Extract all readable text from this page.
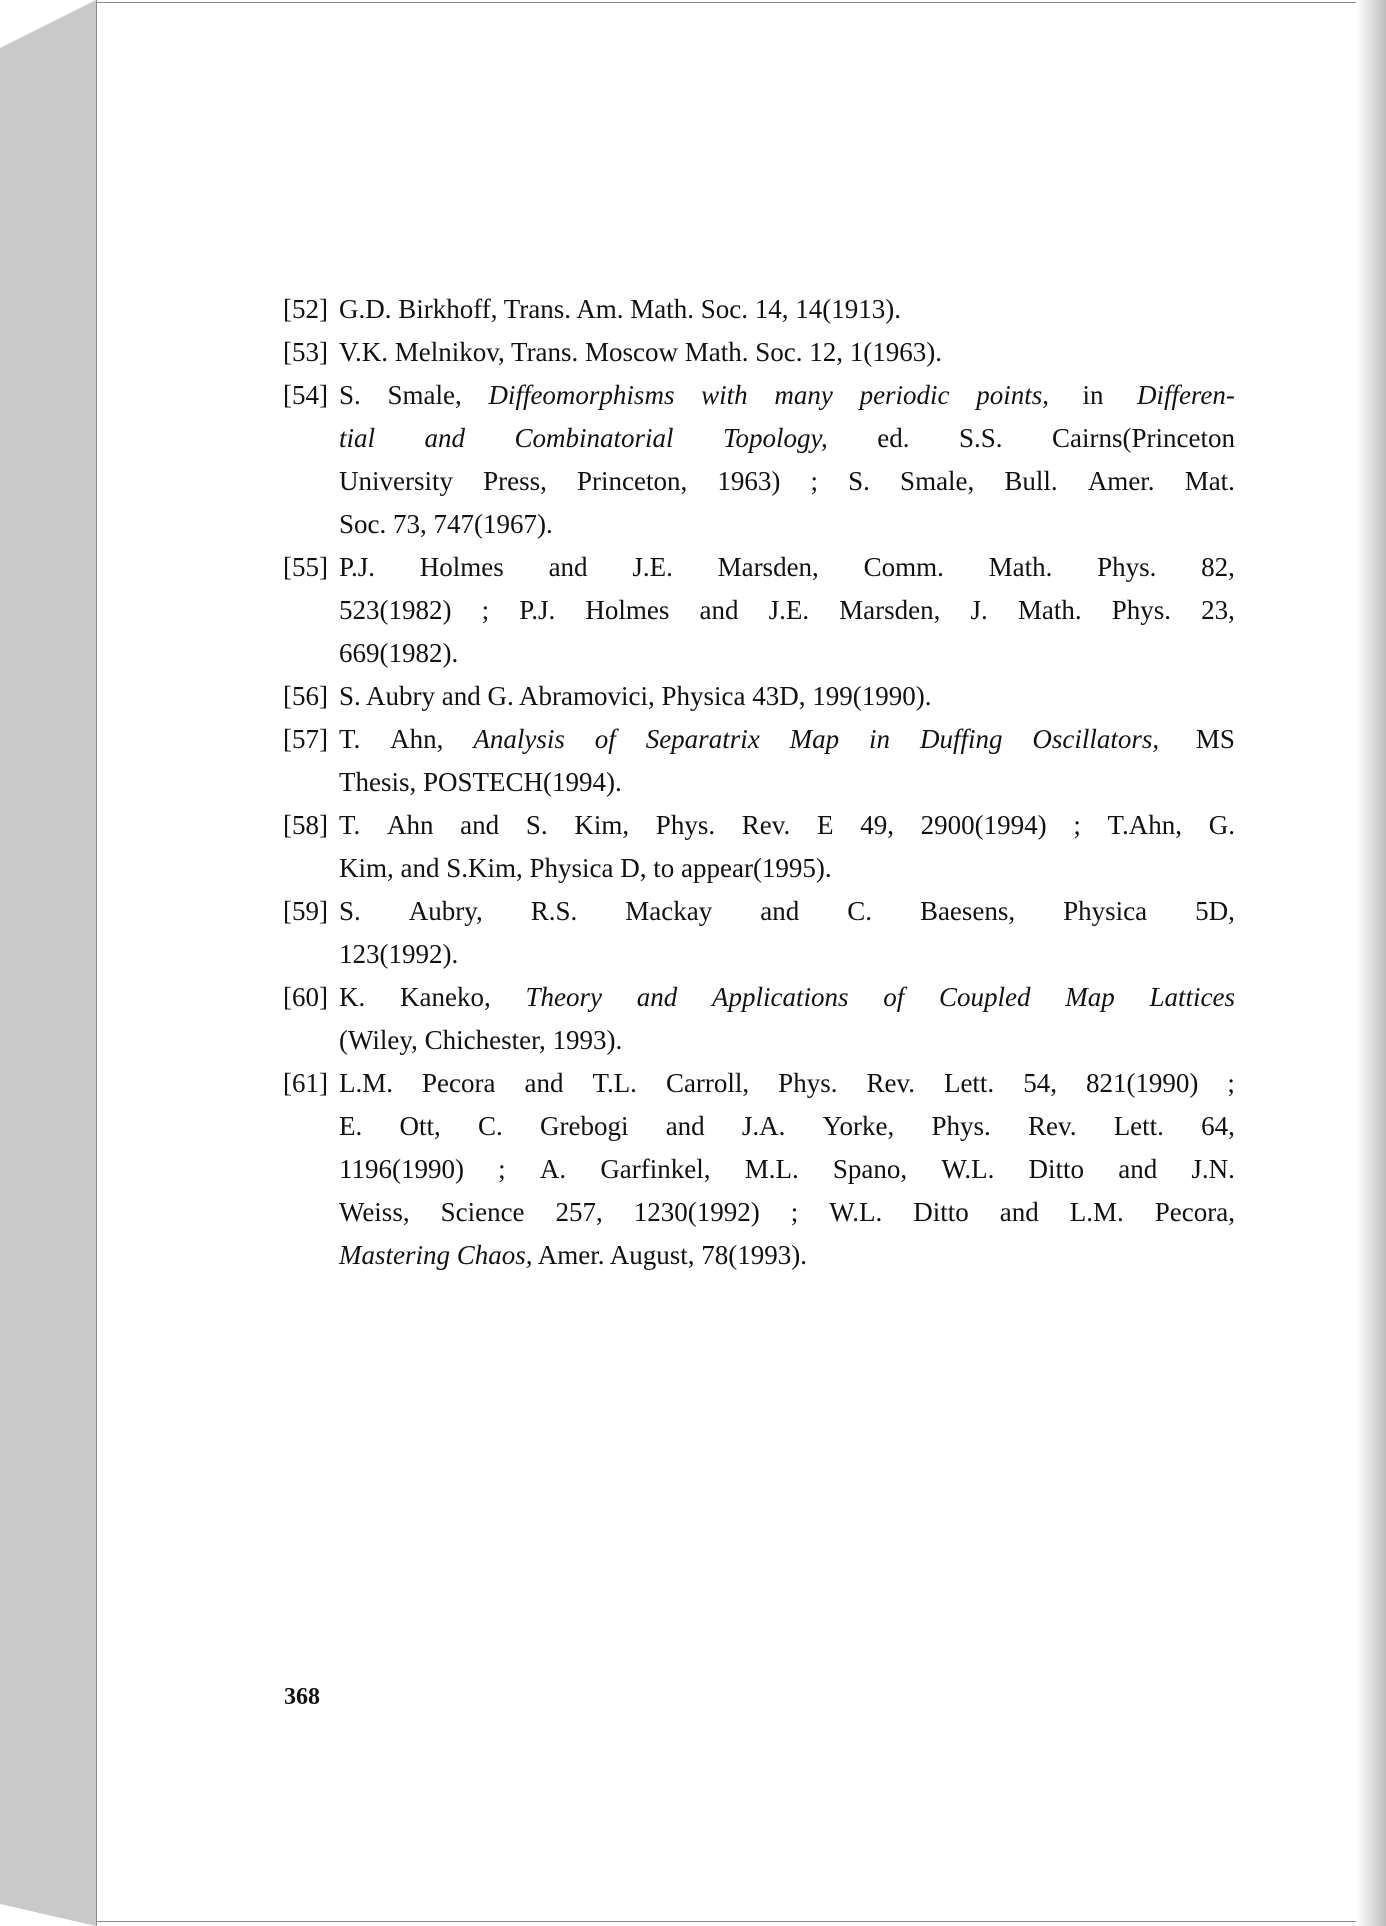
[52] G.D. Birkhoff, Trans. Am. Math. Soc. 14, 14(1913).
[53] V.K. Melnikov, Trans. Moscow Math. Soc. 12, 1(1963).
[54] S. Smale, Diffeomorphisms with many periodic points, in Differen-
tial and Combinatorial Topology, ed. S.S. Cairns(Princeton
University Press, Princeton, 1963) ; S. Smale, Bull. Amer. Mat.
Soc. 73, 747(1967).
[55] P.J. Holmes and J.E. Marsden, Comm. Math. Phys. 82,
523(1982) ; P.J. Holmes and J.E. Marsden, J. Math. Phys. 23,
669(1982).
[56] S. Aubry and G. Abramovici, Physica 43D, 199(1990).
[57] T. Ahn, Analysis of Separatrix Map in Duffing Oscillators, MS
Thesis, POSTECH(1994).
[58] T. Ahn and S. Kim, Phys. Rev. E 49, 2900(1994) ; T.Ahn, G.
Kim, and S.Kim, Physica D, to appear(1995).
[59] S. Aubry, R.S. Mackay and C. Baesens, Physica 5D,
123(1992).
[60] K. Kaneko, Theory and Applications of Coupled Map Lattices
(Wiley, Chichester, 1993).
[61] L.M. Pecora and T.L. Carroll, Phys. Rev. Lett. 54, 821(1990) ;
E. Ott, C. Grebogi and J.A. Yorke, Phys. Rev. Lett. 64,
1196(1990) ; A. Garfinkel, M.L. Spano, W.L. Ditto and J.N.
Weiss, Science 257, 1230(1992) ; W.L. Ditto and L.M. Pecora,
Mastering Chaos, Amer. August, 78(1993).
368
